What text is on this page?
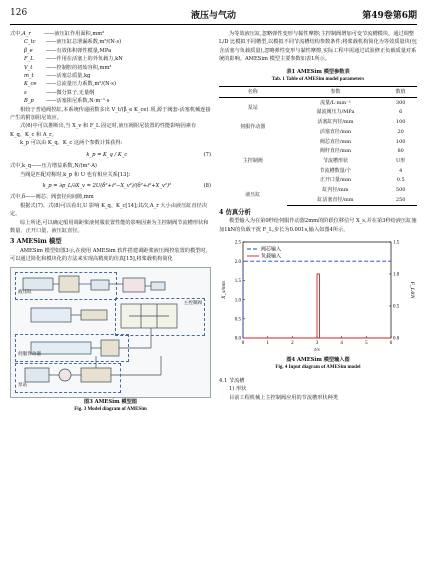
126	液压与气动	第49卷第6期
式中,A_r	——液压缸作用面积,mm²
C_tc ——液压缸总泄漏系数,m⁵/(N·s)
β_e	——有效体积弹性模量,MPa
F_L ——作用在活塞上的外负载力,kN
V_t	——控制腔的初始容积,mm³
m_t ——活塞总质量,kg
K_ce ——总流量压力系数,m⁵/(N·s)
s	——微分算子,无量纲
B_p ——活塞阻尼系数,N·m⁻¹·s
相较于普通阀控缸,本系统传递函数多出 V_t/(β_e K_ce) 项,源于阀套-活塞机械连接产生的附加阻尼效应。
式(6)中可以推断出,当 X_v 和 F_L 固定时,液压阀阻尼装置的性能影响因素有 K_q、K_c 和 A_r。
k_p 可以由 K_q、K_c 这两个参数计算获得:
k_p = K_q / K_c	(7)
式中,k_q——压力增益系数,N/(m²·A)
当阀是匹配对称时,k_p 和 U 也有相应关系[13]:
k_p = ∂p_L/∂X_v = 2U(δ²+ℓ²−X_v²)/(δ²+ℓ²+X_v²)²	(8)
式中,δ——阀芯、阀套径向间隙,mm
根据式(7)、式(8)可以看出,U 影响 K_q、K_c[14];其次,A_r 大小由液压缸直径决定。
综上所述,可以确定船用调距桨液伺服装置性能的影响因素为主控制阀节流槽形状和数量、正开口量、液压缸直径。
3 AMESim 模型
AMESim 模型如图3示,在使用 AMESim 软件搭建调距桨液压阀控装置的模型时,可以通过简化和模块化的方法来实现高精度的仿真[15],将桨载机构简化
液压缸
主控制阀
伺服作动器
泵站
图3 AMESim 模型图
Fig. 3 Model diagram of AMESim
为等效液压缸,忽略弹性变形与黏性摩擦;主控制阀增加可变节流槽模块。通过调整 L/D 比模拟不同槽型,以模拟不同节流槽结构参数条件;将桨载机构简化为等效质量块(包含活塞与负载质量),忽略弹性变形与黏性摩擦,实际工程中需通过试验修正负载质量对系统的影响。AMESim 模型主要参数如表1所示。
表1 AMESim 模型参数表
Tab. 1 Table of AMESim model parameters
名称	参数	数值
泵站	流量/L·min⁻¹	300
	溢流阀压力/MPa	6
伺服作动器	活塞缸内径/mm	100
	活塞直径/mm	20
主控制阀	阀芯直径/mm	100
	阀杆直径/mm	80
	节流槽形状	U形
	节流槽数量/个	4
	正开口量/mm	0.5
液压缸	缸内径/mm	500
	缸活塞直径/mm	250
4 仿真分析
模型输入为在第0秒给伺服作动器2mm的阶跃位移信号 X_s,并在第3秒给液压缸施加1kN的负载干扰 F_L,步长为0.001s,输入如图4所示。
0	1	2	3	4	5	6
0.0
0.5
1.0
1.5
2.0
2.5
0.0
0.5
1.0
1.5
t/s
X_s/mm	F_L/kN
阀芯输入
负载输入
图4 AMESim 模型输入图
Fig. 4 Input diagram of AMESim model
4.1 节流槽
1) 形状
目前工程机械上主控制阀应用的节流槽形状种类
